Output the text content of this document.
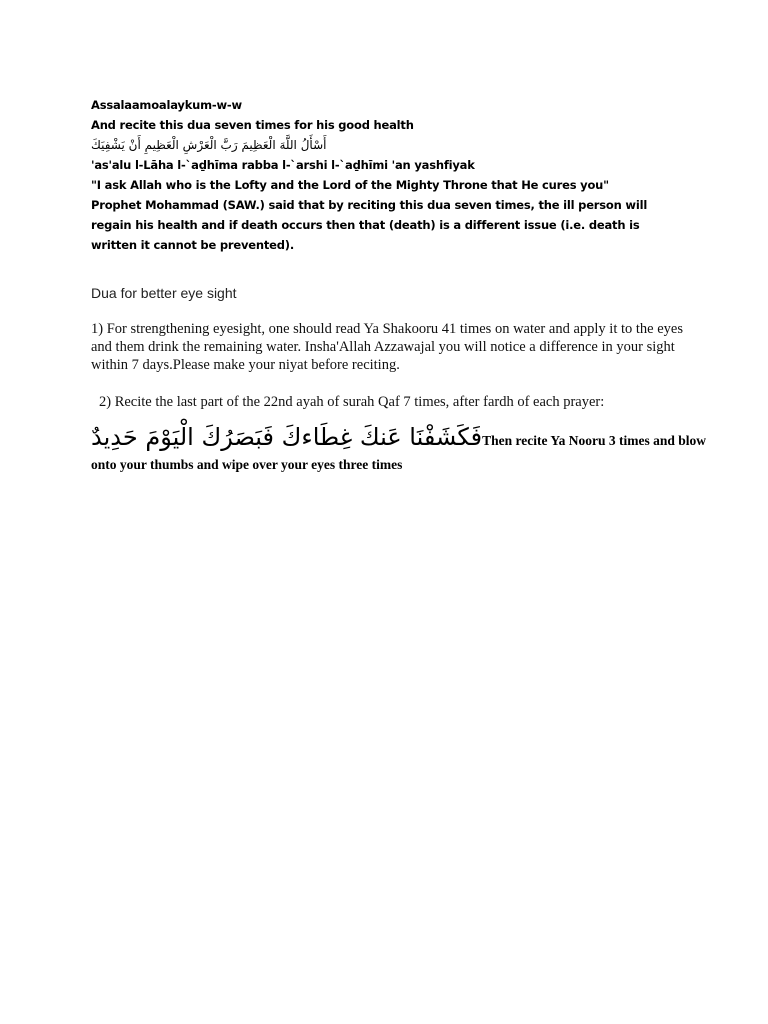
Assalaamoalaykum-w-w
And recite this dua seven times for his good health
أَسْأَلُ اللَّهَ الْعَظِيمَ رَبَّ الْعَرْشِ الْعَظِيمِ أَنْ يَشْفِيَكَ
'as'alu l-Lāha l-`aḏhīma rabba l-`arshi l-`aḏhīmi 'an yashfiyak
"I ask Allah who is the Lofty and the Lord of the Mighty Throne that He cures you"
Prophet Mohammad (SAW.) said that by reciting this dua seven times, the ill person will regain his health and if death occurs then that (death) is a different issue (i.e. death is written it cannot be prevented).
Dua for better eye sight
1) For strengthening eyesight, one should read Ya Shakooru 41 times on water and apply it to the eyes and them drink the remaining water. Insha'Allah Azzawajal you will notice a difference in your sight within 7 days.Please make your niyat before reciting.
2) Recite the last part of the 22nd ayah of surah Qaf 7 times, after fardh of each prayer:
فَكَشَفْنَا عَنكَ غِطَاءكَ فَبَصَرُكَ الْيَوْمَ حَدِيدٌThen recite Ya Nooru 3 times and blow onto your thumbs and wipe over your eyes three times
